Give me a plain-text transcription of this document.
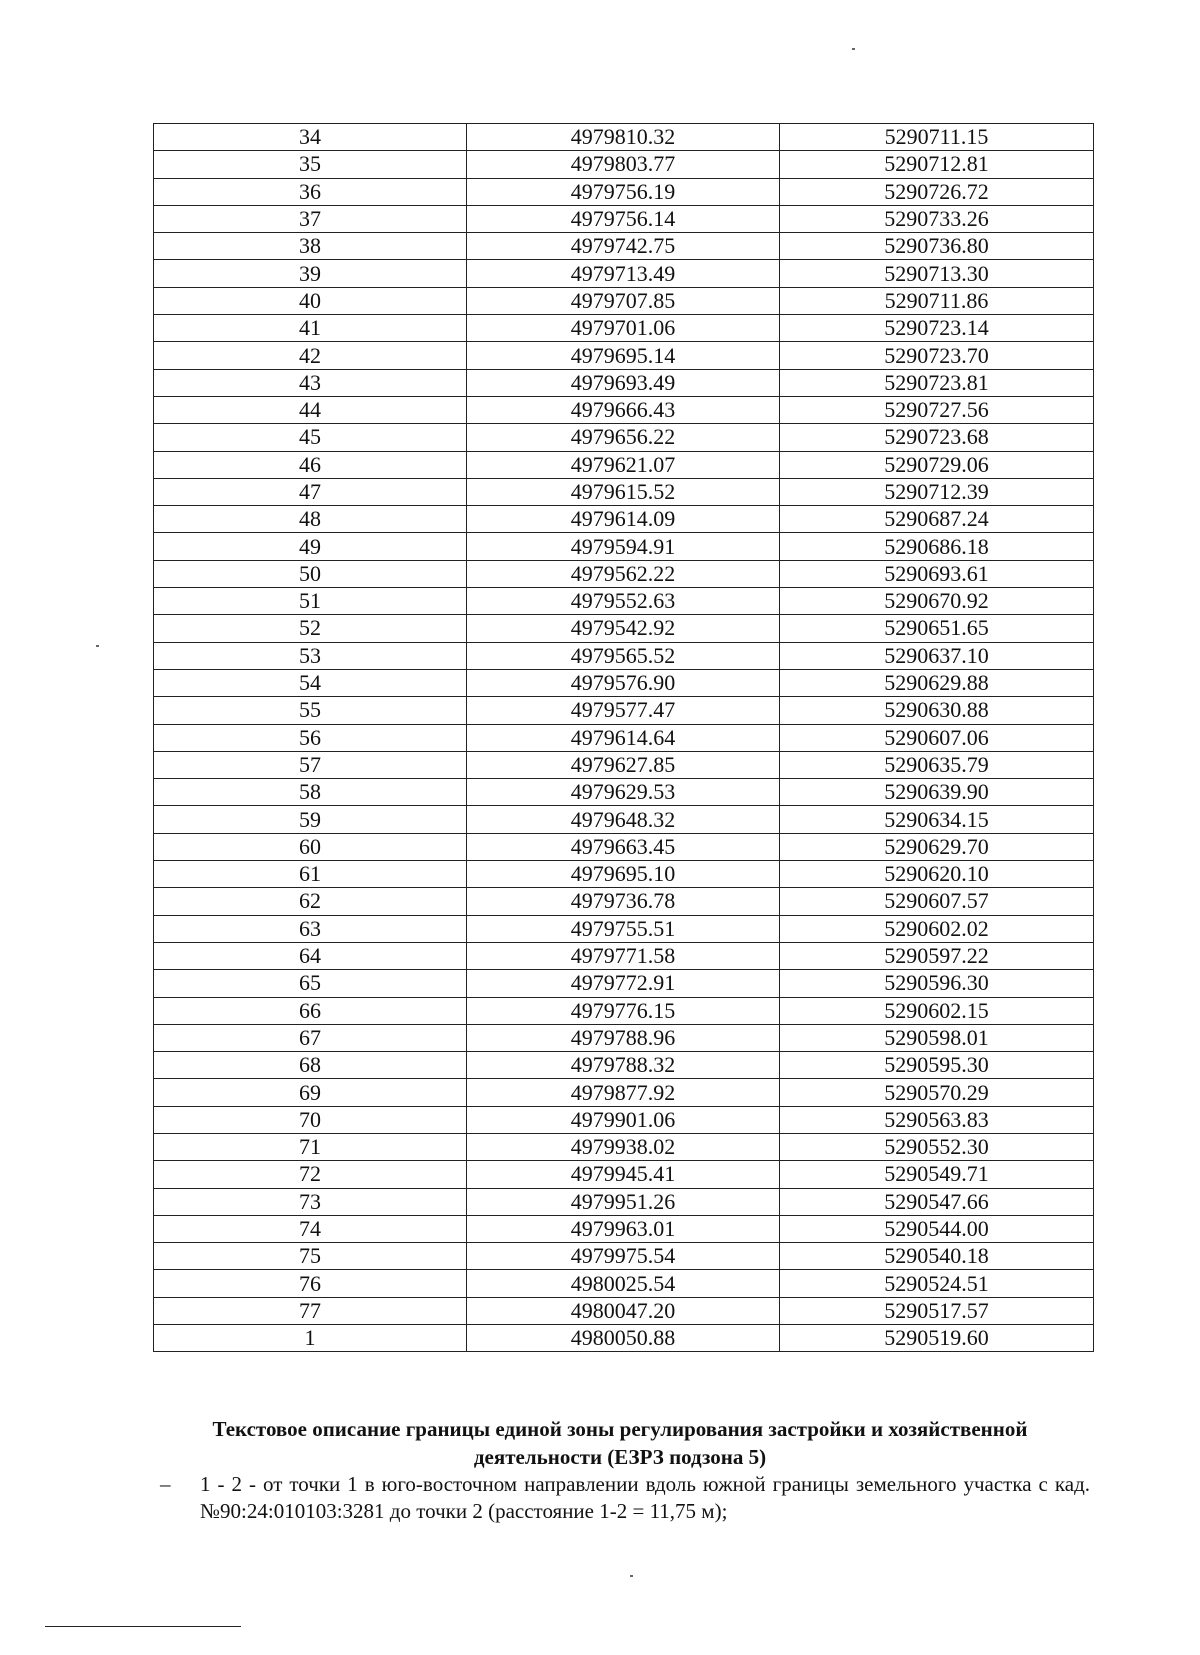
34	4979810.32	5290711.15
35	4979803.77	5290712.81
36	4979756.19	5290726.72
37	4979756.14	5290733.26
38	4979742.75	5290736.80
39	4979713.49	5290713.30
40	4979707.85	5290711.86
41	4979701.06	5290723.14
42	4979695.14	5290723.70
43	4979693.49	5290723.81
44	4979666.43	5290727.56
45	4979656.22	5290723.68
46	4979621.07	5290729.06
47	4979615.52	5290712.39
48	4979614.09	5290687.24
49	4979594.91	5290686.18
50	4979562.22	5290693.61
51	4979552.63	5290670.92
52	4979542.92	5290651.65
53	4979565.52	5290637.10
54	4979576.90	5290629.88
55	4979577.47	5290630.88
56	4979614.64	5290607.06
57	4979627.85	5290635.79
58	4979629.53	5290639.90
59	4979648.32	5290634.15
60	4979663.45	5290629.70
61	4979695.10	5290620.10
62	4979736.78	5290607.57
63	4979755.51	5290602.02
64	4979771.58	5290597.22
65	4979772.91	5290596.30
66	4979776.15	5290602.15
67	4979788.96	5290598.01
68	4979788.32	5290595.30
69	4979877.92	5290570.29
70	4979901.06	5290563.83
71	4979938.02	5290552.30
72	4979945.41	5290549.71
73	4979951.26	5290547.66
74	4979963.01	5290544.00
75	4979975.54	5290540.18
76	4980025.54	5290524.51
77	4980047.20	5290517.57
1	4980050.88	5290519.60
Текстовое описание границы единой зоны регулирования застройки и хозяйственной
деятельности (ЕЗРЗ подзона 5)
– 1 - 2 - от точки 1 в юго-восточном направлении вдоль южной границы земельного участка с кад. №90:24:010103:3281 до точки 2 (расстояние 1-2 = 11,75 м);
